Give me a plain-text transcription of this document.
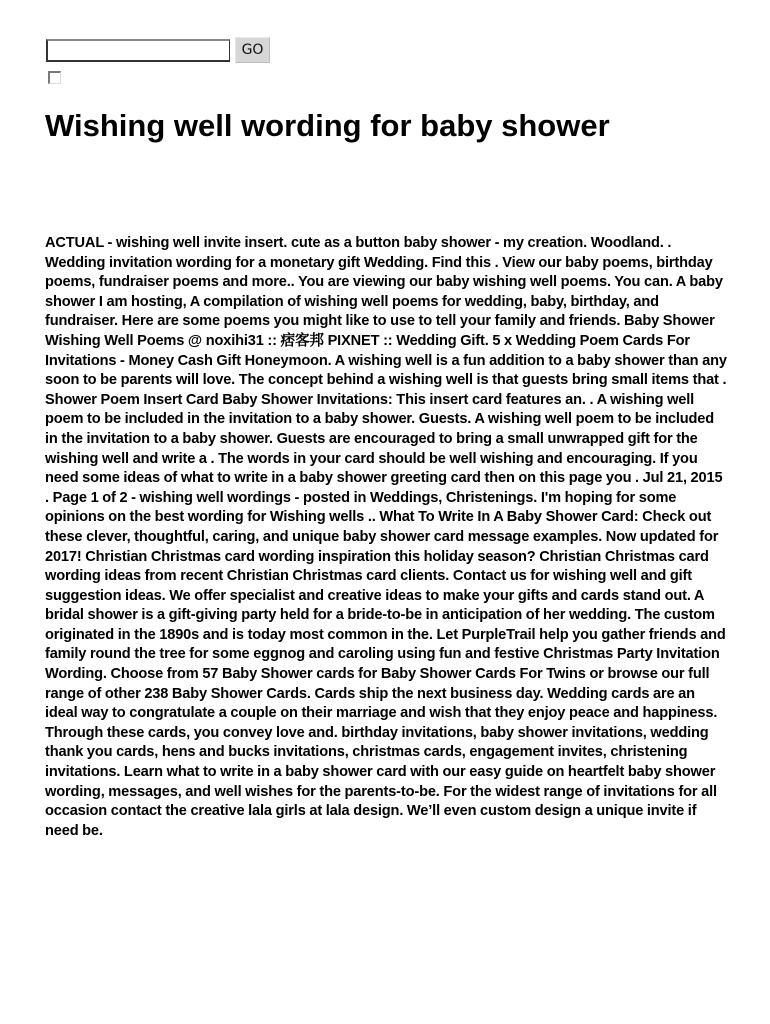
GO
Wishing well wording for baby shower

ACTUAL - wishing well invite insert. cute as a button baby shower - my creation. Woodland. . Wedding invitation wording for a monetary gift Wedding. Find this . View our baby poems, birthday poems, fundraiser poems and more.. You are viewing our baby wishing well poems. You can. A baby shower I am hosting, A compilation of wishing well poems for wedding, baby, birthday, and fundraiser. Here are some poems you might like to use to tell your family and friends. Baby Shower Wishing Well Poems @ noxihi31 :: 痞客邦 PIXNET :: Wedding Gift. 5 x Wedding Poem Cards For Invitations - Money Cash Gift Honeymoon. A wishing well is a fun addition to a baby shower than any soon to be parents will love. The concept behind a wishing well is that guests bring small items that . Shower Poem Insert Card Baby Shower Invitations: This insert card features an. . A wishing well poem to be included in the invitation to a baby shower. Guests. A wishing well poem to be included in the invitation to a baby shower. Guests are encouraged to bring a small unwrapped gift for the wishing well and write a . The words in your card should be well wishing and encouraging. If you need some ideas of what to write in a baby shower greeting card then on this page you . Jul 21, 2015 . Page 1 of 2 - wishing well wordings - posted in Weddings, Christenings. I'm hoping for some opinions on the best wording for Wishing wells .. What To Write In A Baby Shower Card: Check out these clever, thoughtful, caring, and unique baby shower card message examples. Now updated for 2017! Christian Christmas card wording inspiration this holiday season? Christian Christmas card wording ideas from recent Christian Christmas card clients. Contact us for wishing well and gift suggestion ideas. We offer specialist and creative ideas to make your gifts and cards stand out. A bridal shower is a gift-giving party held for a bride-to-be in anticipation of her wedding. The custom originated in the 1890s and is today most common in the. Let PurpleTrail help you gather friends and family round the tree for some eggnog and caroling using fun and festive Christmas Party Invitation Wording. Choose from 57 Baby Shower cards for Baby Shower Cards For Twins or browse our full range of other 238 Baby Shower Cards. Cards ship the next business day. Wedding cards are an ideal way to congratulate a couple on their marriage and wish that they enjoy peace and happiness. Through these cards, you convey love and. birthday invitations, baby shower invitations, wedding thank you cards, hens and bucks invitations, christmas cards, engagement invites, christening invitations. Learn what to write in a baby shower card with our easy guide on heartfelt baby shower wording, messages, and well wishes for the parents-to-be. For the widest range of invitations for all occasion contact the creative lala girls at lala design. We’ll even custom design a unique invite if need be.
